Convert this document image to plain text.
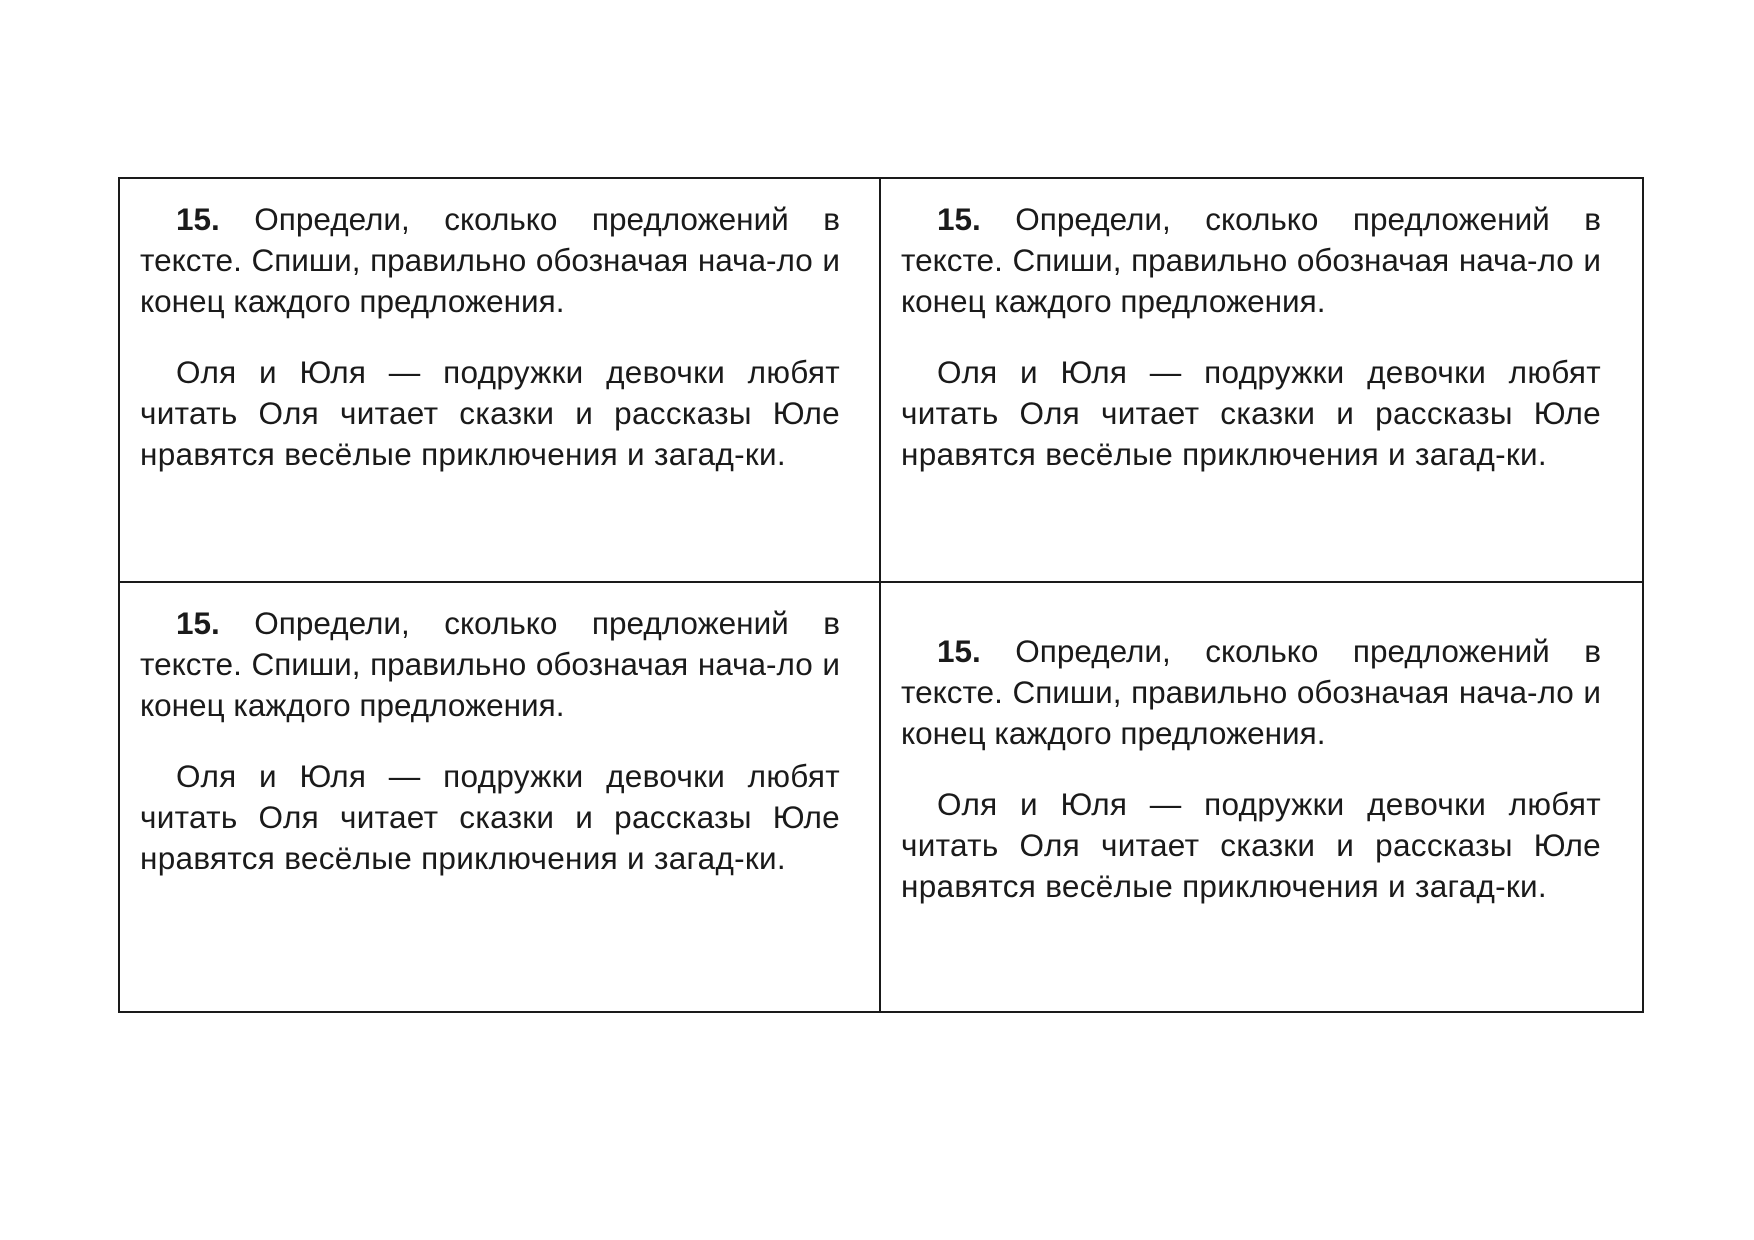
15. Определи, сколько предложений в тексте. Спиши, правильно обозначая нача-ло и конец каждого предложения.

Оля и Юля — подружки девочки любят читать Оля читает сказки и рассказы Юле нравятся весёлые приключения и загад-ки.

15. Определи, сколько предложений в тексте. Спиши, правильно обозначая нача-ло и конец каждого предложения.

Оля и Юля — подружки девочки любят читать Оля читает сказки и рассказы Юле нравятся весёлые приключения и загад-ки.

15. Определи, сколько предложений в тексте. Спиши, правильно обозначая нача-ло и конец каждого предложения.

Оля и Юля — подружки девочки любят читать Оля читает сказки и рассказы Юле нравятся весёлые приключения и загад-ки.

15. Определи, сколько предложений в тексте. Спиши, правильно обозначая нача-ло и конец каждого предложения.

Оля и Юля — подружки девочки любят читать Оля читает сказки и рассказы Юле нравятся весёлые приключения и загад-ки.
